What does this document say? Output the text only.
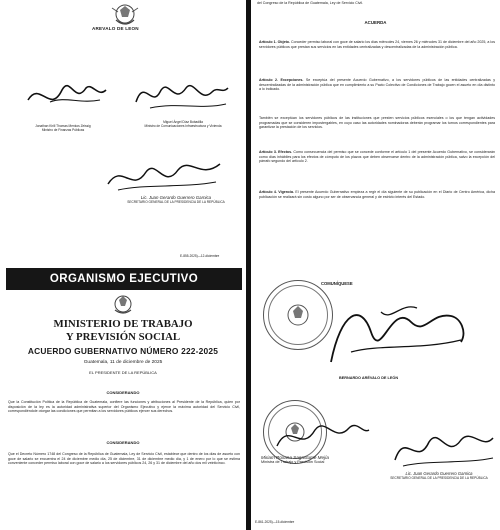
AREVALO DE LEON
Jonathan Kirill Thomas Menkos Zeissig
Ministro de Finanzas Públicas
Miguel Ángel Díaz Bobadilla
Ministro de Comunicaciones Infraestructura y Vivienda
Lic. Juan Gerardo Guerrero Garnica
SECRETARIO GENERAL DE LA PRESIDENCIA DE LA REPÚBLICA
E-855-2025)—12-diciembre
ORGANISMO EJECUTIVO
MINISTERIO DE TRABAJO
Y PREVISIÓN SOCIAL
ACUERDO GUBERNATIVO NÚMERO 222-2025
Guatemala, 11 de diciembre de 2025
EL PRESIDENTE DE LA REPÚBLICA
CONSIDERANDO
Que la Constitución Política de la República de Guatemala, confiere las funciones y atribuciones al Presidente de la República, quien por disposición de la ley es la autoridad administrativa superior del Organismo Ejecutivo y ejerce la máxima autoridad del Servicio Civil, correspondiéndole otorgar las condiciones que permitan a los servidores públicos ejercer sus derechos.
CONSIDERANDO
Que el Decreto Número 1748 del Congreso de la República de Guatemala, Ley de Servicio Civil, establece que dentro de los días de asueto con goce de salario se encuentra el 24 de diciembre medio día, 25 de diciembre, 31 de diciembre medio día, y 1 de enero por lo que se estima conveniente conceder permiso laboral con goce de salario a los servidores públicos 24, 26 y 31 de diciembre del año dos mil veinticinco.
del Congreso de la República de Guatemala, Ley de Servicio Civil.
ACUERDA
Artículo 1. Objeto. Conceder permiso laboral con goce de salario los días miércoles 24, viernes 26 y miércoles 31 de diciembre del año 2025, a los servidores públicos que prestan sus servicios en las entidades centralizadas y descentralizadas de la administración pública.
Artículo 2. Excepciones. Se exceptúa del presente Acuerdo Gubernativo, a los servidores públicos de las entidades centralizadas y descentralizadas de la administración pública que en cumplimiento a su Pacto Colectivo de Condiciones de Trabajo gocen el asueto en día distinto a lo indicado.
También se exceptúan los servidores públicos de las instituciones que presten servicios públicos esenciales o los que tengan actividades programadas que se consideren impostergables, en cuyo caso las autoridades nominadoras deberán programar los turnos correspondientes para garantizar la prestación de los servicios.
Artículo 3. Efectos. Como consecuencia del permiso que se concede conforme el artículo 1 del presente Acuerdo Gubernativo, se considerarán como días inhábiles para los efectos de cómputo de los plazos que deben observarse dentro de la administración pública, salvo la excepción del párrafo segundo del artículo 2.
Artículo 4. Vigencia. El presente Acuerdo Gubernativo empieza a regir el día siguiente de su publicación en el Diario de Centro América, dicha publicación se realizará sin costo alguno por ser de observancia general y de estricto interés del Estado.
COMUNÍQUESE
BERNARDO ARÉVALO DE LEÓN
Miriam Roxana Sagastume Mejía
Ministra de Trabajo y Previsión Social
Lic. Juan Gerardo Guerrero Garnica
SECRETARIO GENERAL DE LA PRESIDENCIA DE LA REPÚBLICA
E-861-2025)—15-diciembre
